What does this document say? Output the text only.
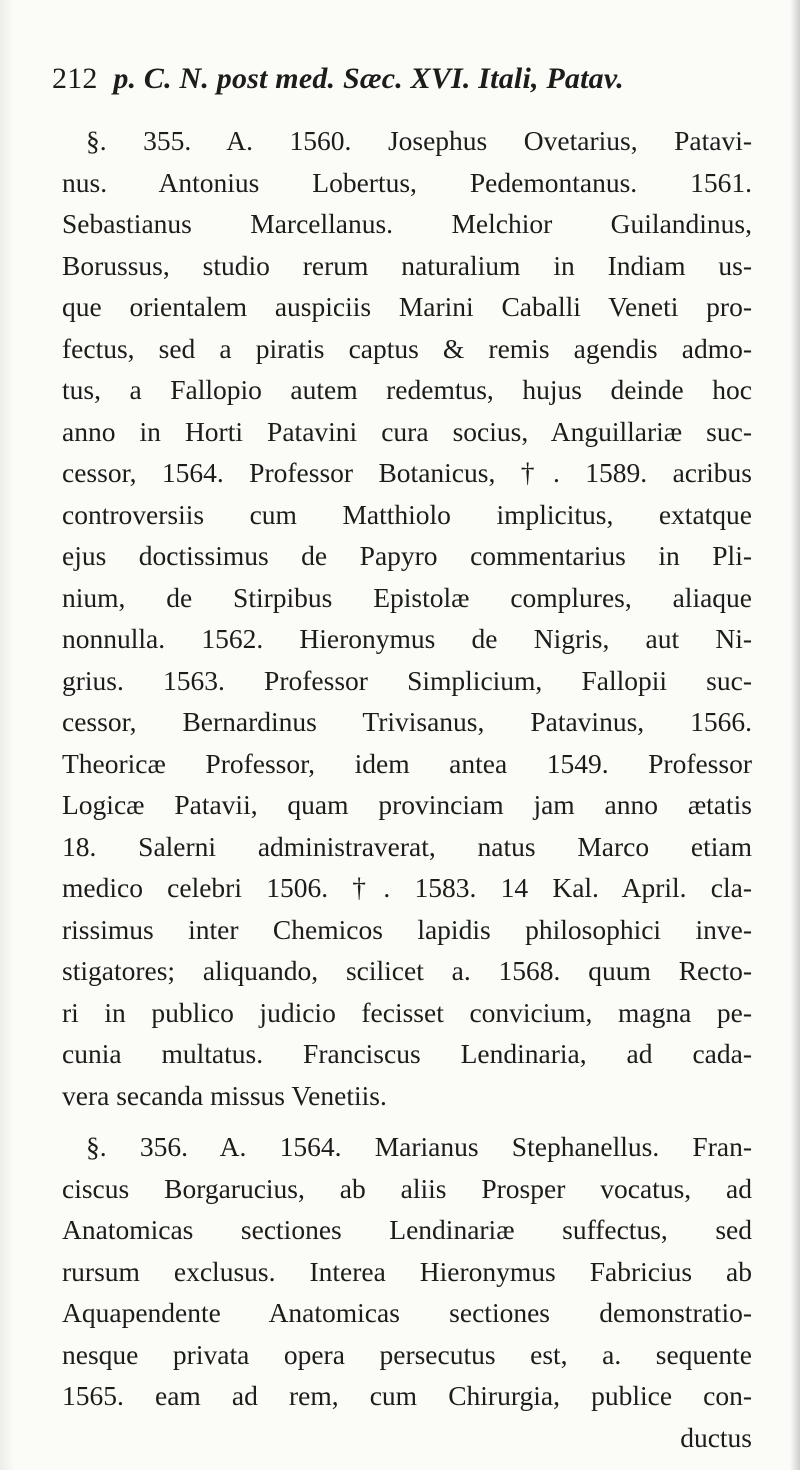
212 p. C. N. post med. Sæc. XVI. Itali, Patav.

§. 355. A. 1560. Josephus Ovetarius, Patavi-
nus. Antonius Lobertus, Pedemontanus. 1561.
Sebastianus Marcellanus. Melchior Guilandinus,
Borussus, studio rerum naturalium in Indiam us-
que orientalem auspiciis Marini Caballi Veneti pro-
fectus, sed a piratis captus & remis agendis admo-
tus, a Fallopio autem redemtus, hujus deinde hoc
anno in Horti Patavini cura socius, Anguillariæ suc-
cessor, 1564. Professor Botanicus, †. 1589. acribus
controversiis cum Matthiolo implicitus, extatque
ejus doctissimus de Papyro commentarius in Pli-
nium, de Stirpibus Epistolæ complures, aliaque
nonnulla. 1562. Hieronymus de Nigris, aut Ni-
grius. 1563. Professor Simplicium, Fallopii suc-
cessor, Bernardinus Trivisanus, Patavinus, 1566.
Theoricæ Professor, idem antea 1549. Professor
Logicæ Patavii, quam provinciam jam anno ætatis
18. Salerni administraverat, natus Marco etiam
medico celebri 1506. †. 1583. 14 Kal. April. cla-
rissimus inter Chemicos lapidis philosophici inve-
stigatores; aliquando, scilicet a. 1568. quum Recto-
ri in publico judicio fecisset convicium, magna pe-
cunia multatus. Franciscus Lendinaria, ad cada-
vera secanda missus Venetiis.

§. 356. A. 1564. Marianus Stephanellus. Fran-
ciscus Borgarucius, ab aliis Prosper vocatus, ad
Anatomicas sectiones Lendinariæ suffectus, sed
rursum exclusus. Interea Hieronymus Fabricius ab
Aquapendente Anatomicas sectiones demonstratio-
nesque privata opera persecutus est, a. sequente
1565. eam ad rem, cum Chirurgia, publice con-
ductus
